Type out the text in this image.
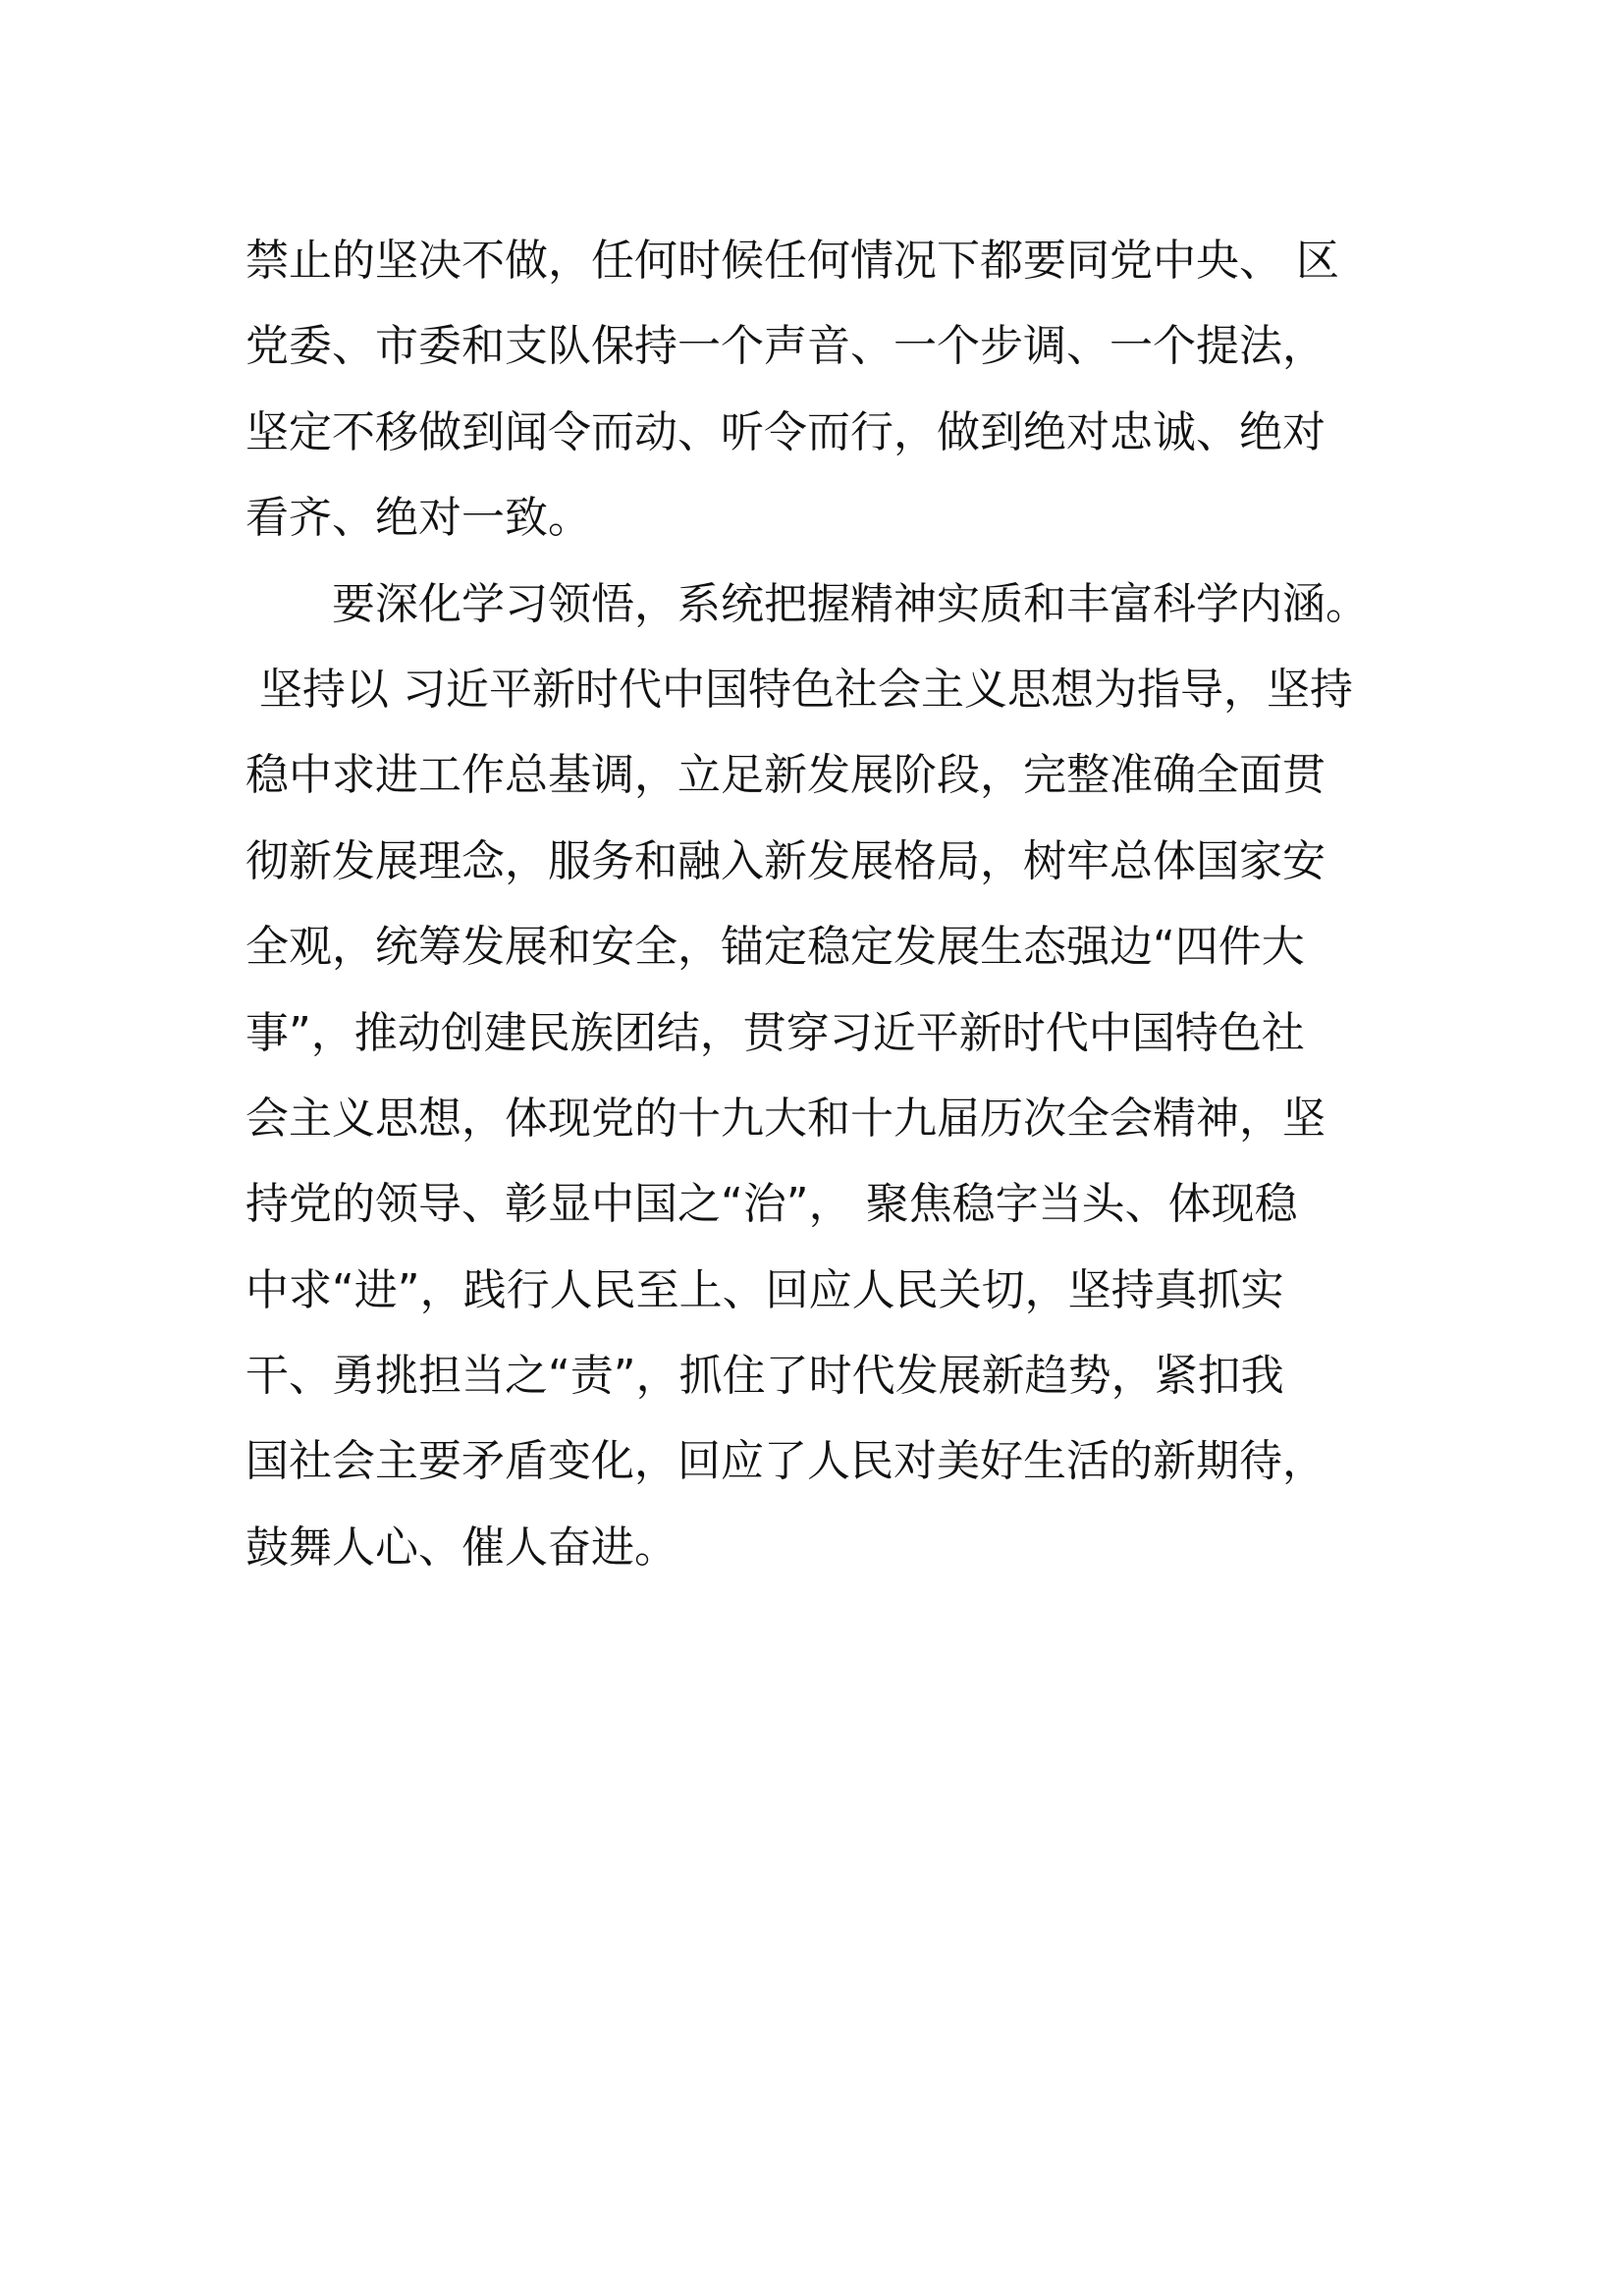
禁止的坚决不做，任何时候任何情况下都要同党中央、 区
党委、市委和支队保持一个声音、一个步调、一个提法，
坚定不移做到闻令而动、听令而行，做到绝对忠诚、绝对
看齐、绝对一致。
　　要深化学习领悟，系统把握精神实质和丰富科学内涵。
坚持以 习近平新时代中国特色社会主义思想为指导，坚持
稳中求进工作总基调，立足新发展阶段，完整准确全面贯
彻新发展理念，服务和融入新发展格局，树牢总体国家安
全观，统筹发展和安全，锚定稳定发展生态强边“四件大
事”，推动创建民族团结，贯穿习近平新时代中国特色社
会主义思想，体现党的十九大和十九届历次全会精神，坚
持党的领导、彰显中国之“治”， 聚焦稳字当头、体现稳
中求“进”，践行人民至上、回应人民关切，坚持真抓实
干、勇挑担当之“责”，抓住了时代发展新趋势，紧扣我
国社会主要矛盾变化，回应了人民对美好生活的新期待，
鼓舞人心、催人奋进。
